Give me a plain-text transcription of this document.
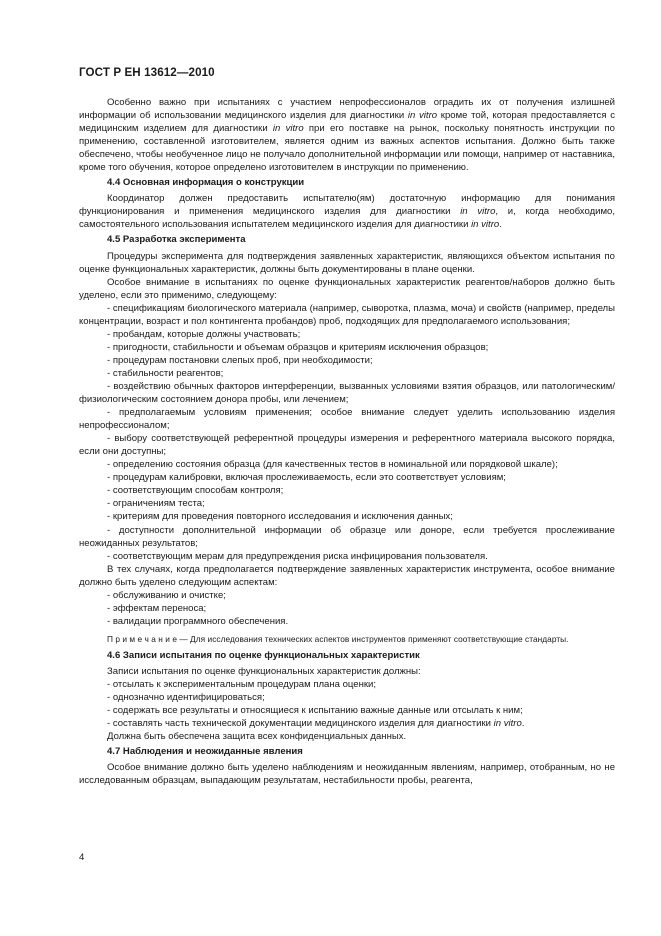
ГОСТ Р ЕН 13612—2010

Особенно важно при испытаниях с участием непрофессионалов оградить их от получения излишней информации об использовании медицинского изделия для диагностики in vitro кроме той, которая предоставляется с медицинским изделием для диагностики in vitro при его поставке на рынок, поскольку понятность инструкции по применению, составленной изготовителем, является одним из важных аспектов испытания. Должно быть также обеспечено, чтобы необученное лицо не получало дополнительной информации или помощи, например от наставника, кроме того обучения, которое определено изготовителем в инструкции по применению.

4.4 Основная информация о конструкции

Координатор должен предоставить испытателю(ям) достаточную информацию для понимания функционирования и применения медицинского изделия для диагностики in vitro, и, когда необходимо, самостоятельного использования испытателем медицинского изделия для диагностики in vitro.

4.5 Разработка эксперимента

Процедуры эксперимента для подтверждения заявленных характеристик, являющихся объектом испытания по оценке функциональных характеристик, должны быть документированы в плане оценки.

Особое внимание в испытаниях по оценке функциональных характеристик реагентов/наборов должно быть уделено, если это применимо, следующему:

- спецификациям биологического материала (например, сыворотка, плазма, моча) и свойств (например, пределы концентрации, возраст и пол контингента пробандов) проб, подходящих для предполагаемого использования;

- пробандам, которые должны участвовать;

- пригодности, стабильности и объемам образцов и критериям исключения образцов;

- процедурам постановки слепых проб, при необходимости;

- стабильности реагентов;

- воздействию обычных факторов интерференции, вызванных условиями взятия образцов, или патологическим/физиологическим состоянием донора пробы, или лечением;

- предполагаемым условиям применения; особое внимание следует уделить использованию изделия непрофессионалом;

- выбору соответствующей референтной процедуры измерения и референтного материала высокого порядка, если они доступны;

- определению состояния образца (для качественных тестов в номинальной или порядковой шкале);

- процедурам калибровки, включая прослеживаемость, если это соответствует условиям;

- соответствующим способам контроля;

- ограничениям теста;

- критериям для проведения повторного исследования и исключения данных;

- доступности дополнительной информации об образце или доноре, если требуется прослеживание неожиданных результатов;

- соответствующим мерам для предупреждения риска инфицирования пользователя.

В тех случаях, когда предполагается подтверждение заявленных характеристик инструмента, особое внимание должно быть уделено следующим аспектам:

- обслуживанию и очистке;

- эффектам переноса;

- валидации программного обеспечения.

П р и м е ч а н и е — Для исследования технических аспектов инструментов применяют соответствующие стандарты.

4.6 Записи испытания по оценке функциональных характеристик

Записи испытания по оценке функциональных характеристик должны:

- отсылать к экспериментальным процедурам плана оценки;

- однозначно идентифицироваться;

- содержать все результаты и относящиеся к испытанию важные данные или отсылать к ним;

- составлять часть технической документации медицинского изделия для диагностики in vitro.

Должна быть обеспечена защита всех конфиденциальных данных.

4.7 Наблюдения и неожиданные явления

Особое внимание должно быть уделено наблюдениям и неожиданным явлениям, например, отобранным, но не исследованным образцам, выпадающим результатам, нестабильности пробы, реагента,

4
